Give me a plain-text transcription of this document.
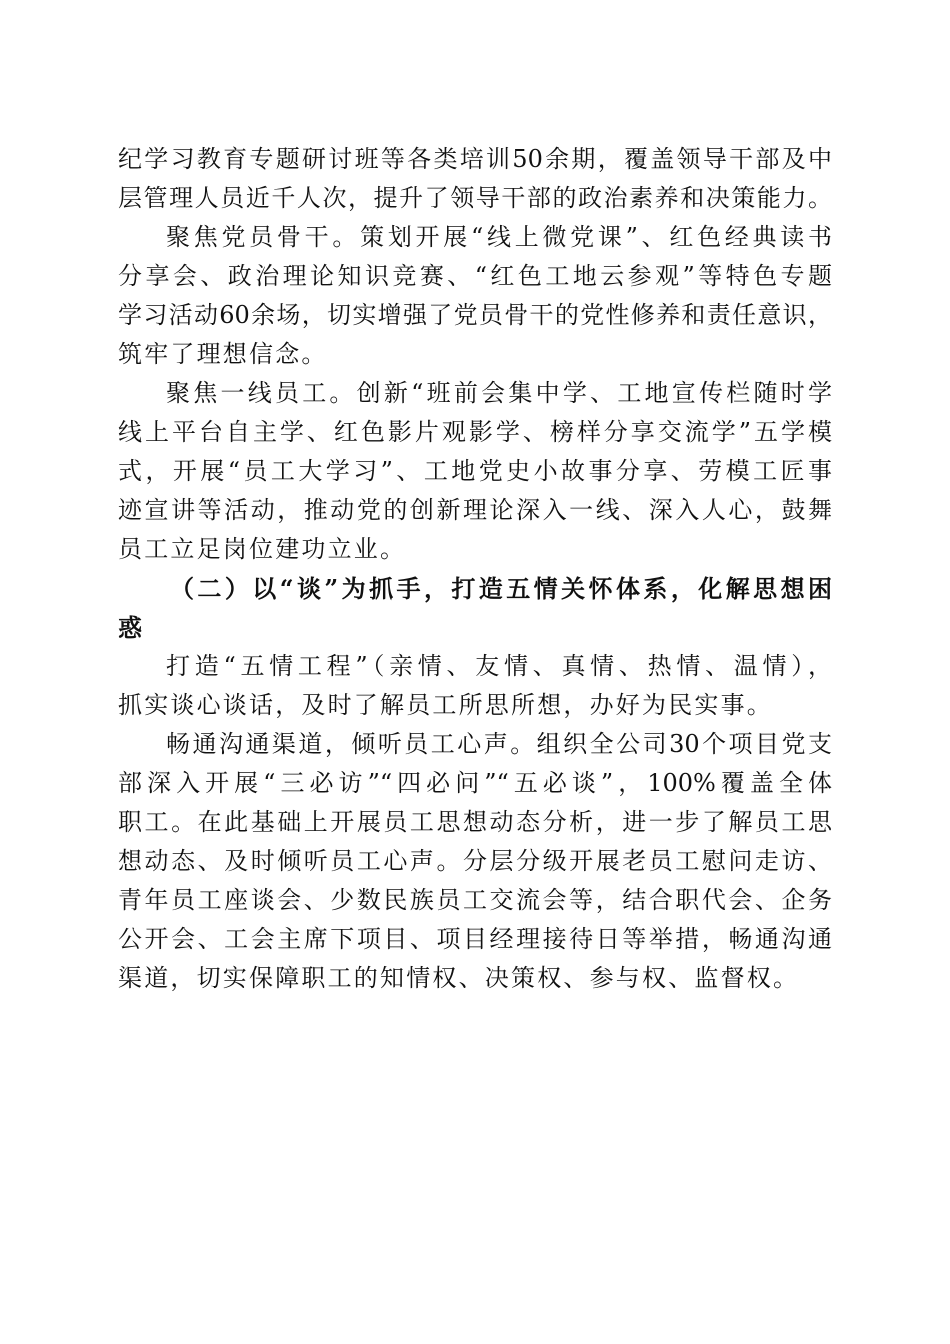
纪学习教育专题研讨班等各类培训50余期，覆盖领导干部及中
层管理人员近千人次，提升了领导干部的政治素养和决策能力。
聚焦党员骨干。策划开展“线上微党课”、红色经典读书
分享会、政治理论知识竞赛、“红色工地云参观”等特色专题
学习活动60余场，切实增强了党员骨干的党性修养和责任意识，
筑牢了理想信念。
聚焦一线员工。创新“班前会集中学、工地宣传栏随时学
线上平台自主学、红色影片观影学、榜样分享交流学”五学模
式，开展“员工大学习”、工地党史小故事分享、劳模工匠事
迹宣讲等活动，推动党的创新理论深入一线、深入人心，鼓舞
员工立足岗位建功立业。
（二）以“谈”为抓手，打造五情关怀体系，化解思想困
惑
打造“五情工程”（亲情、友情、真情、热情、温情），
抓实谈心谈话，及时了解员工所思所想，办好为民实事。
畅通沟通渠道，倾听员工心声。组织全公司30个项目党支
部深入开展“三必访”“四必问”“五必谈”，100%覆盖全体
职工。在此基础上开展员工思想动态分析，进一步了解员工思
想动态、及时倾听员工心声。分层分级开展老员工慰问走访、
青年员工座谈会、少数民族员工交流会等，结合职代会、企务
公开会、工会主席下项目、项目经理接待日等举措，畅通沟通
渠道，切实保障职工的知情权、决策权、参与权、监督权。
